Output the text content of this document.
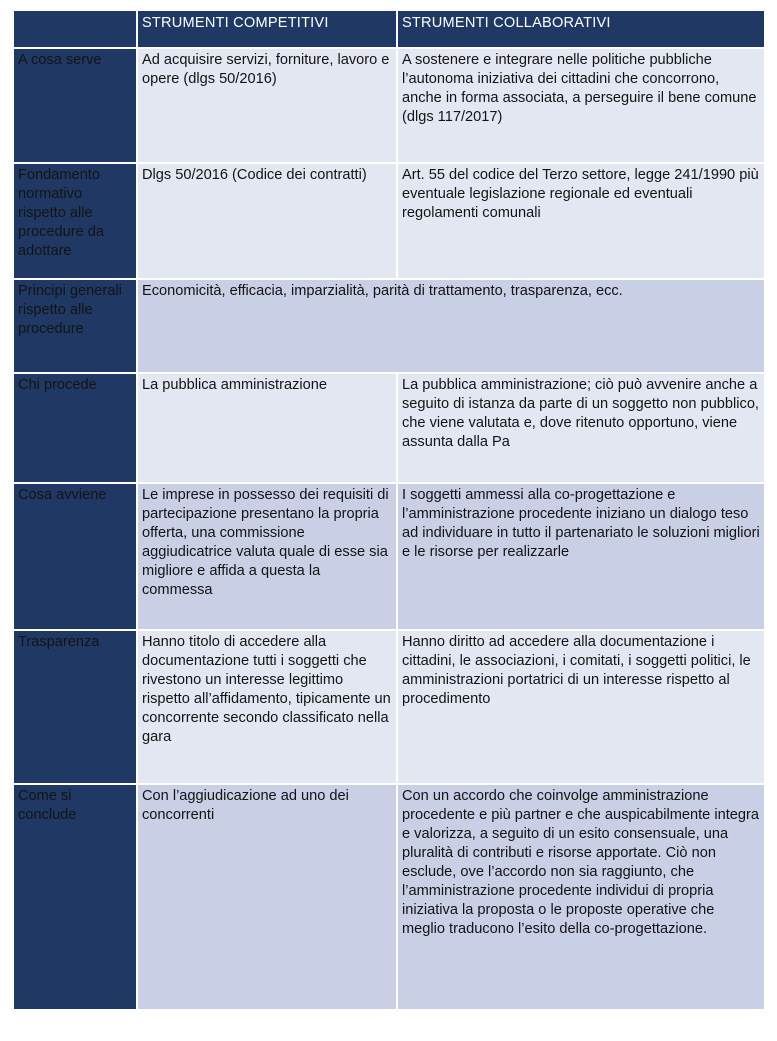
	STRUMENTI COMPETITIVI	STRUMENTI COLLABORATIVI
A cosa serve	Ad acquisire servizi, forniture, lavoro e opere (dlgs 50/2016)	A sostenere e integrare nelle politiche pubbliche l’autonoma iniziativa dei cittadini che concorrono, anche in forma associata, a perseguire il bene comune (dlgs 117/2017)
Fondamento normativo rispetto alle procedure da adottare	Dlgs 50/2016 (Codice dei contratti)	Art. 55 del codice del Terzo settore, legge 241/1990 più eventuale legislazione regionale ed eventuali regolamenti comunali
Principi generali rispetto alle procedure	Economicità, efficacia, imparzialità, parità di trattamento, trasparenza, ecc.	
Chi procede	La pubblica amministrazione	La pubblica amministrazione; ciò può avvenire anche a seguito di istanza da parte di un soggetto non pubblico, che viene valutata e, dove ritenuto opportuno, viene assunta dalla Pa
Cosa avviene	Le imprese in possesso dei requisiti di partecipazione presentano la propria offerta, una commissione aggiudicatrice valuta quale di esse sia migliore e affida a questa la commessa	I soggetti ammessi alla co-progettazione e l’amministrazione procedente iniziano un dialogo teso ad individuare in tutto il partenariato le soluzioni migliori e le risorse per realizzarle
Trasparenza	Hanno titolo di accedere alla documentazione tutti i soggetti che rivestono un interesse legittimo rispetto all’affidamento, tipicamente un concorrente secondo classificato nella gara	Hanno diritto ad accedere alla documentazione i cittadini, le associazioni, i comitati, i soggetti politici, le amministrazioni portatrici di un interesse rispetto al procedimento
Come si conclude	Con l’aggiudicazione ad uno dei concorrenti	Con un accordo che coinvolge amministrazione procedente e più partner e che auspicabilmente integra e valorizza, a seguito di un esito consensuale, una pluralità di contributi e risorse apportate. Ciò non esclude, ove l’accordo non sia raggiunto, che l’amministrazione procedente individui di propria iniziativa la proposta o le proposte operative che meglio traducono l’esito della co-progettazione.
